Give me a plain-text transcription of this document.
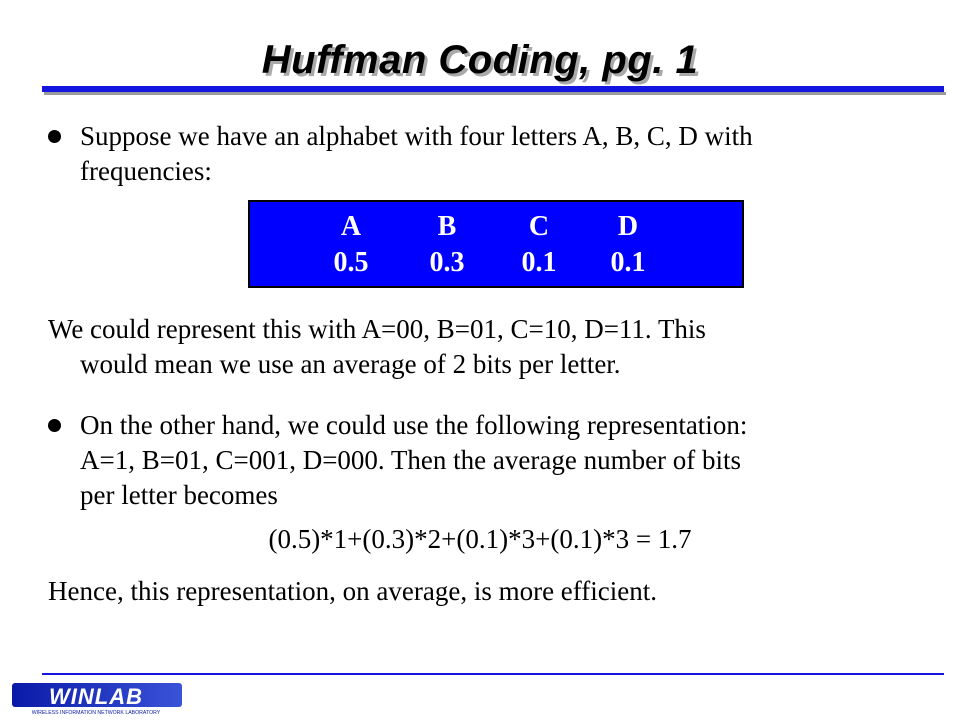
Huffman Coding, pg. 1
Suppose we have an alphabet with four letters A, B, C, D with
frequencies:
A	B	C	D
0.5	0.3	0.1	0.1
We could represent this with A=00, B=01, C=10, D=11. This
would mean we use an average of 2 bits per letter.
On the other hand, we could use the following representation:
A=1, B=01, C=001, D=000. Then the average number of bits
per letter becomes
(0.5)*1+(0.3)*2+(0.1)*3+(0.1)*3 = 1.7
Hence, this representation, on average, is more efficient.
WINLAB
WIRELESS INFORMATION NETWORK LABORATORY
